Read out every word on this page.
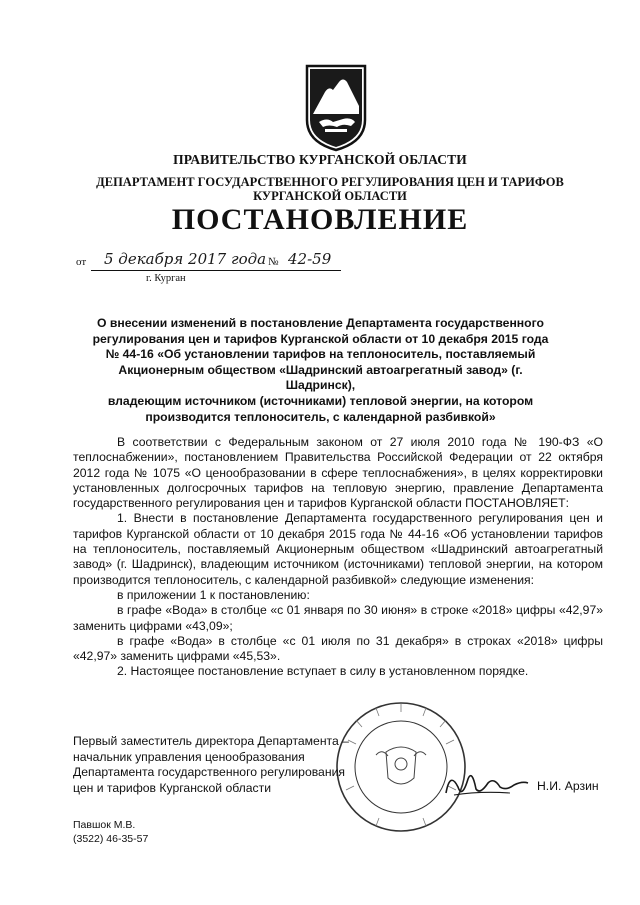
ПРАВИТЕЛЬСТВО КУРГАНСКОЙ ОБЛАСТИ
ДЕПАРТАМЕНТ ГОСУДАРСТВЕННОГО РЕГУЛИРОВАНИЯ ЦЕН И ТАРИФОВ
КУРГАНСКОЙ ОБЛАСТИ
ПОСТАНОВЛЕНИЕ
от 5 декабря 2017 года № 42-59
г. Курган
О внесении изменений в постановление Департамента государственного
регулирования цен и тарифов Курганской области от 10 декабря 2015 года
№ 44-16 «Об установлении тарифов на теплоноситель, поставляемый
Акционерным обществом «Шадринский автоагрегатный завод» (г. Шадринск),
владеющим источником (источниками) тепловой энергии, на котором
производится теплоноситель, с календарной разбивкой»

В соответствии с Федеральным законом от 27 июля 2010 года № 190-ФЗ «О теплоснабжении», постановлением Правительства Российской Федерации от 22 октября 2012 года № 1075 «О ценообразовании в сфере теплоснабжения», в целях корректировки установленных долгосрочных тарифов на тепловую энергию, правление Департамента государственного регулирования цен и тарифов Курганской области ПОСТАНОВЛЯЕТ:

1. Внести в постановление Департамента государственного регулирования цен и тарифов Курганской области от 10 декабря 2015 года № 44-16 «Об установлении тарифов на теплоноситель, поставляемый Акционерным обществом «Шадринский автоагрегатный завод» (г. Шадринск), владеющим источником (источниками) тепловой энергии, на котором производится теплоноситель, с календарной разбивкой» следующие изменения:

в приложении 1 к постановлению:

в графе «Вода» в столбце «с 01 января по 30 июня» в строке «2018» цифры «42,97» заменить цифрами «43,09»;

в графе «Вода» в столбце «с 01 июля по 31 декабря» в строках «2018» цифры «42,97» заменить цифрами «45,53».

2. Настоящее постановление вступает в силу в установленном порядке.

Первый заместитель директора Департамента –
начальник управления ценообразования
Департамента государственного регулирования
цен и тарифов Курганской области	Н.И. Арзин
Павшок М.В.
(3522) 46-35-57
